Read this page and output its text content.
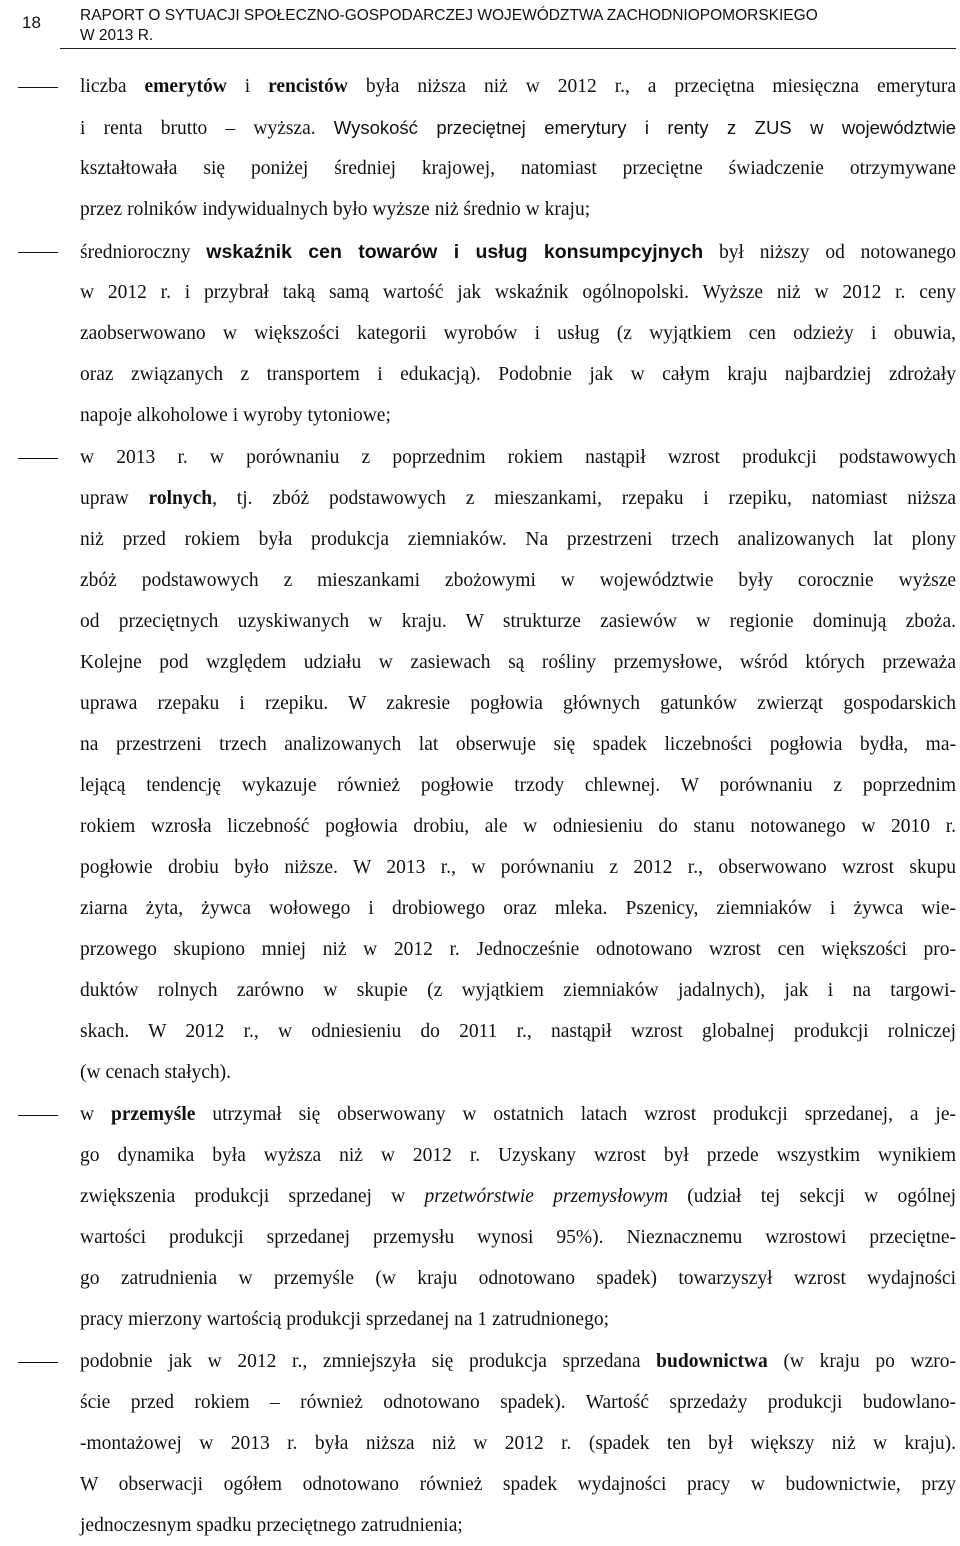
18	RAPORT O SYTUACJI SPOŁECZNO-GOSPODARCZEJ WOJEWÓDZTWA ZACHODNIOPOMORSKIEGO
W 2013 R.
liczba emerytów i rencistów była niższa niż w 2012 r., a przeciętna miesięczna emerytura
i renta brutto – wyższa. Wysokość przeciętnej emerytury i renty z ZUS w województwie
kształtowała się poniżej średniej krajowej, natomiast przeciętne świadczenie otrzymywane
przez rolników indywidualnych było wyższe niż średnio w kraju;
średnioroczny wskaźnik cen towarów i usług konsumpcyjnych był niższy od notowanego
w 2012 r. i przybrał taką samą wartość jak wskaźnik ogólnopolski. Wyższe niż w 2012 r. ceny
zaobserwowano w większości kategorii wyrobów i usług (z wyjątkiem cen odzieży i obuwia,
oraz związanych z transportem i edukacją). Podobnie jak w całym kraju najbardziej zdrożały
napoje alkoholowe i wyroby tytoniowe;
w 2013 r. w porównaniu z poprzednim rokiem nastąpił wzrost produkcji podstawowych
upraw rolnych, tj. zbóż podstawowych z mieszankami, rzepaku i rzepiku, natomiast niższa
niż przed rokiem była produkcja ziemniaków. Na przestrzeni trzech analizowanych lat plony
zbóż podstawowych z mieszankami zbożowymi w województwie były corocznie wyższe
od przeciętnych uzyskiwanych w kraju. W strukturze zasiewów w regionie dominują zboża.
Kolejne pod względem udziału w zasiewach są rośliny przemysłowe, wśród których przeważa
uprawa rzepaku i rzepiku. W zakresie pogłowia głównych gatunków zwierząt gospodarskich
na przestrzeni trzech analizowanych lat obserwuje się spadek liczebności pogłowia bydła, ma-
lejącą tendencję wykazuje również pogłowie trzody chlewnej. W porównaniu z poprzednim
rokiem wzrosła liczebność pogłowia drobiu, ale w odniesieniu do stanu notowanego w 2010 r.
pogłowie drobiu było niższe. W 2013 r., w porównaniu z 2012 r., obserwowano wzrost skupu
ziarna żyta, żywca wołowego i drobiowego oraz mleka. Pszenicy, ziemniaków i żywca wie-
przowego skupiono mniej niż w 2012 r. Jednocześnie odnotowano wzrost cen większości pro-
duktów rolnych zarówno w skupie (z wyjątkiem ziemniaków jadalnych), jak i na targowi-
skach. W 2012 r., w odniesieniu do 2011 r., nastąpił wzrost globalnej produkcji rolniczej
(w cenach stałych).
w przemyśle utrzymał się obserwowany w ostatnich latach wzrost produkcji sprzedanej, a je-
go dynamika była wyższa niż w 2012 r. Uzyskany wzrost był przede wszystkim wynikiem
zwiększenia produkcji sprzedanej w przetwórstwie przemysłowym (udział tej sekcji w ogólnej
wartości produkcji sprzedanej przemysłu wynosi 95%). Nieznacznemu wzrostowi przeciętne-
go zatrudnienia w przemyśle (w kraju odnotowano spadek) towarzyszył wzrost wydajności
pracy mierzony wartością produkcji sprzedanej na 1 zatrudnionego;
podobnie jak w 2012 r., zmniejszyła się produkcja sprzedana budownictwa (w kraju po wzro-
ście przed rokiem – również odnotowano spadek). Wartość sprzedaży produkcji budowlano-
-montażowej w 2013 r. była niższa niż w 2012 r. (spadek ten był większy niż w kraju).
W obserwacji ogółem odnotowano również spadek wydajności pracy w budownictwie, przy
jednoczesnym spadku przeciętnego zatrudnienia;
